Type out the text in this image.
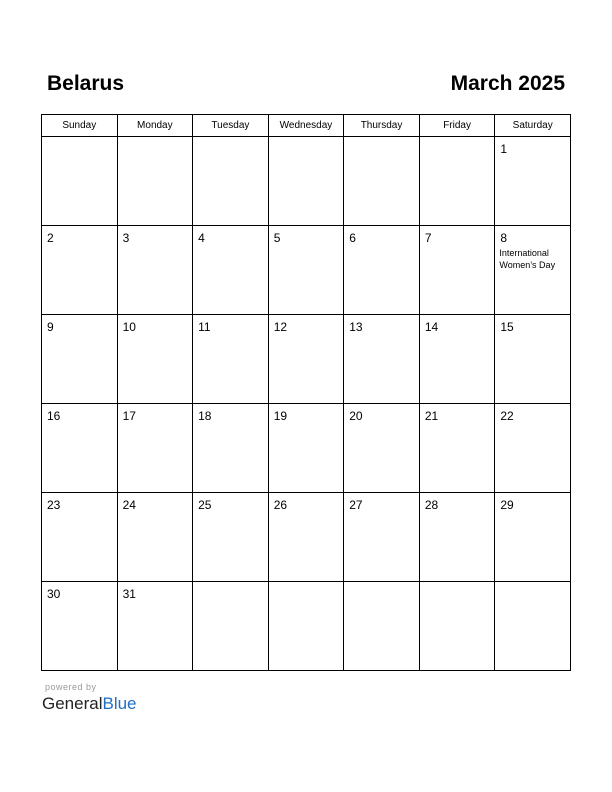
Belarus	March 2025
Sunday	Monday	Tuesday	Wednesday	Thursday	Friday	Saturday

						1

2	3	4	5	6	7	8
International Women’s Day

9	10	11	12	13	14	15

16	17	18	19	20	21	22

23	24	25	26	27	28	29

30	31					

powered by
GeneralBlue
